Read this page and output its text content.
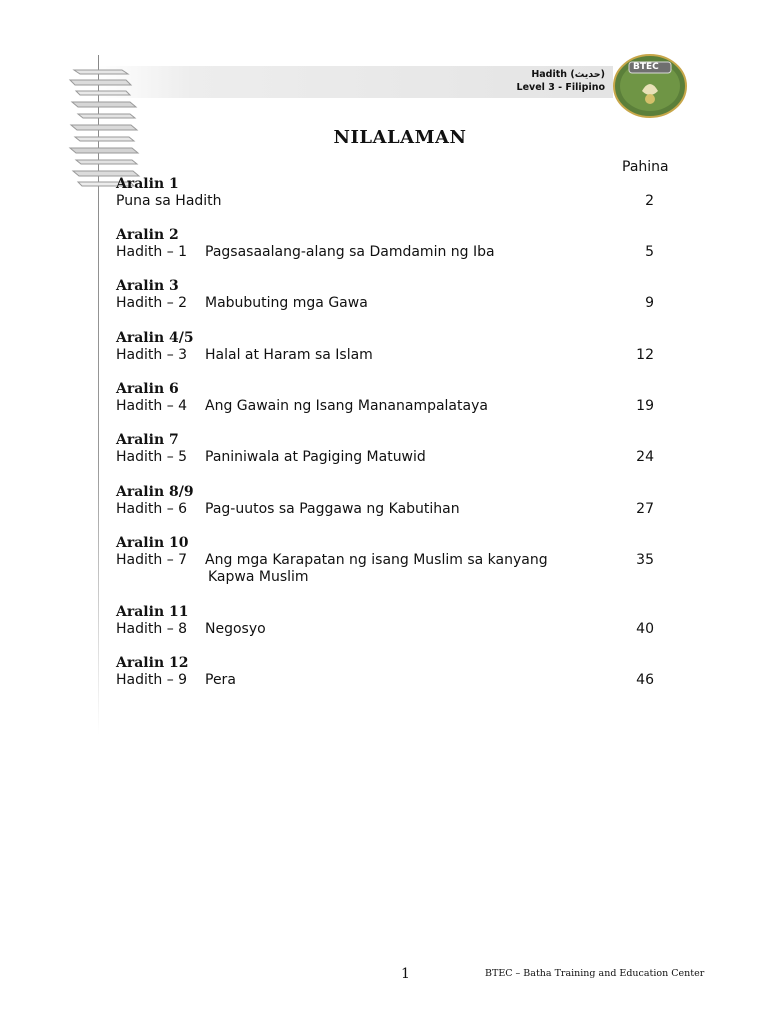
Hadith (حديث)
Level 3 - Filipino
BTEC
NILALAMAN
Pahina
Aralin 1
Puna sa Hadith	2
Aralin 2
Hadith – 1 Pagsasaalang-alang sa Damdamin ng Iba	5
Aralin 3
Hadith – 2 Mabubuting mga Gawa	9
Aralin 4/5
Hadith – 3 Halal at Haram sa Islam	12
Aralin 6
Hadith – 4 Ang Gawain ng Isang Mananampalataya	19
Aralin 7
Hadith – 5 Paniniwala at Pagiging Matuwid	24
Aralin 8/9
Hadith – 6 Pag-uutos sa Paggawa ng Kabutihan	27
Aralin 10
Hadith – 7 Ang mga Karapatan ng isang Muslim sa kanyang	35
Kapwa Muslim
Aralin 11
Hadith – 8 Negosyo	40
Aralin 12
Hadith – 9 Pera	46
1	BTEC – Batha Training and Education Center
